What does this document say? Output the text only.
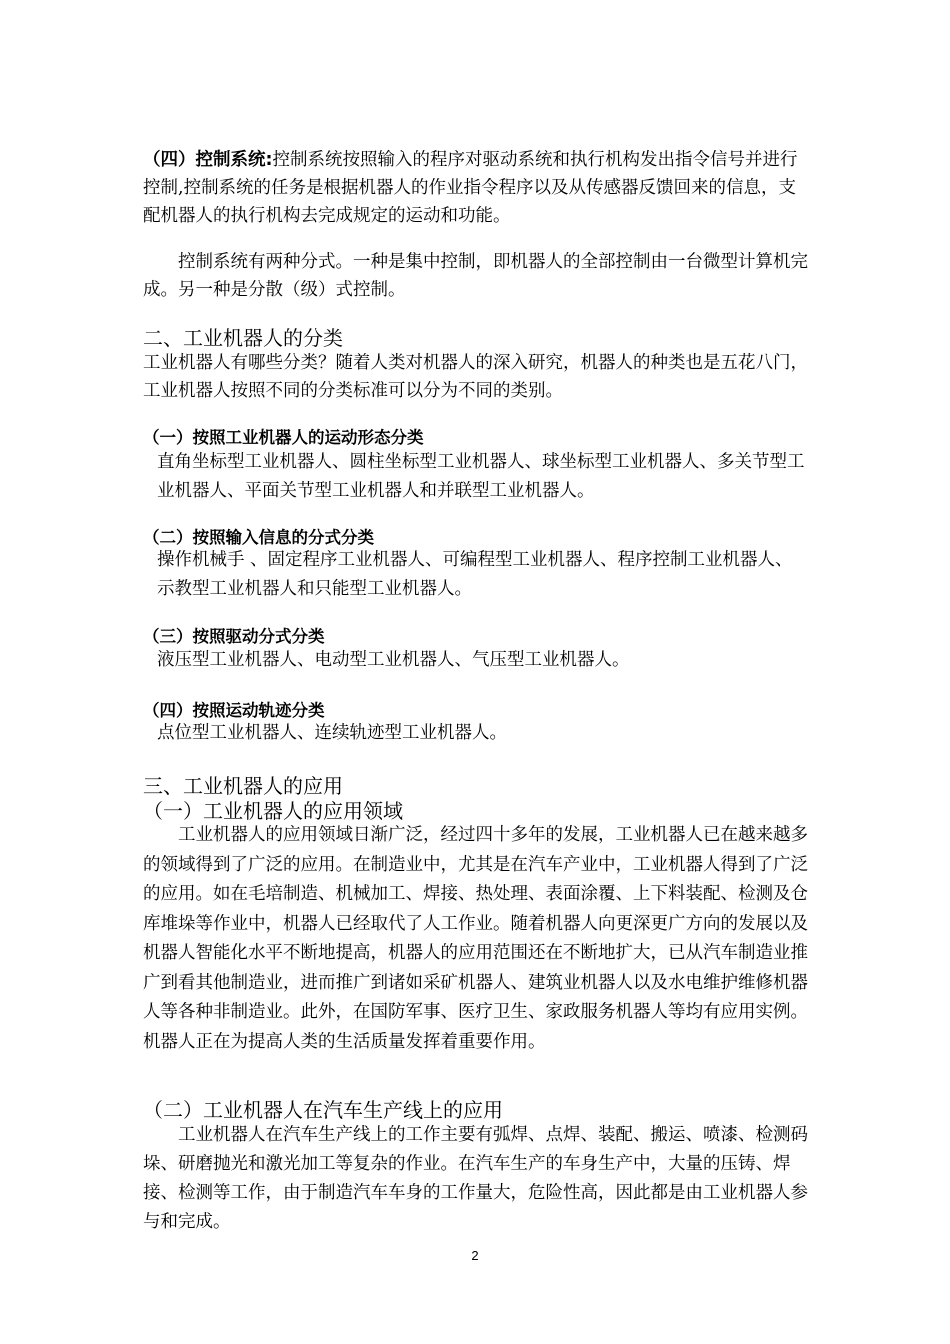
（四）控制系统:控制系统按照输入的程序对驱动系统和执行机构发出指令信号并进行控制,控制系统的任务是根据机器人的作业指令程序以及从传感器反馈回来的信息，支配机器人的执行机构去完成规定的运动和功能。

控制系统有两种分式。一种是集中控制，即机器人的全部控制由一台微型计算机完成。另一种是分散（级）式控制。

二、工业机器人的分类

工业机器人有哪些分类？随着人类对机器人的深入研究，机器人的种类也是五花八门，工业机器人按照不同的分类标准可以分为不同的类别。

（一）按照工业机器人的运动形态分类
直角坐标型工业机器人、圆柱坐标型工业机器人、球坐标型工业机器人、多关节型工业机器人、平面关节型工业机器人和并联型工业机器人。
（二）按照输入信息的分式分类
操作机械手 、固定程序工业机器人、可编程型工业机器人、程序控制工业机器人、示教型工业机器人和只能型工业机器人。
（三）按照驱动分式分类
液压型工业机器人、电动型工业机器人、气压型工业机器人。
（四）按照运动轨迹分类
点位型工业机器人、连续轨迹型工业机器人。
三、工业机器人的应用
（一）工业机器人的应用领域

工业机器人的应用领域日渐广泛，经过四十多年的发展，工业机器人已在越来越多的领域得到了广泛的应用。在制造业中，尤其是在汽车产业中，工业机器人得到了广泛的应用。如在毛培制造、机械加工、焊接、热处理、表面涂覆、上下料装配、检测及仓库堆垛等作业中，机器人已经取代了人工作业。随着机器人向更深更广方向的发展以及机器人智能化水平不断地提高，机器人的应用范围还在不断地扩大，已从汽车制造业推广到看其他制造业，进而推广到诸如采矿机器人、建筑业机器人以及水电维护维修机器人等各种非制造业。此外，在国防军事、医疗卫生、家政服务机器人等均有应用实例。机器人正在为提高人类的生活质量发挥着重要作用。

（二）工业机器人在汽车生产线上的应用

工业机器人在汽车生产线上的工作主要有弧焊、点焊、装配、搬运、喷漆、检测码垛、研磨抛光和激光加工等复杂的作业。在汽车生产的车身生产中，大量的压铸、焊接、检测等工作，由于制造汽车车身的工作量大，危险性高，因此都是由工业机器人参与和完成。

2
